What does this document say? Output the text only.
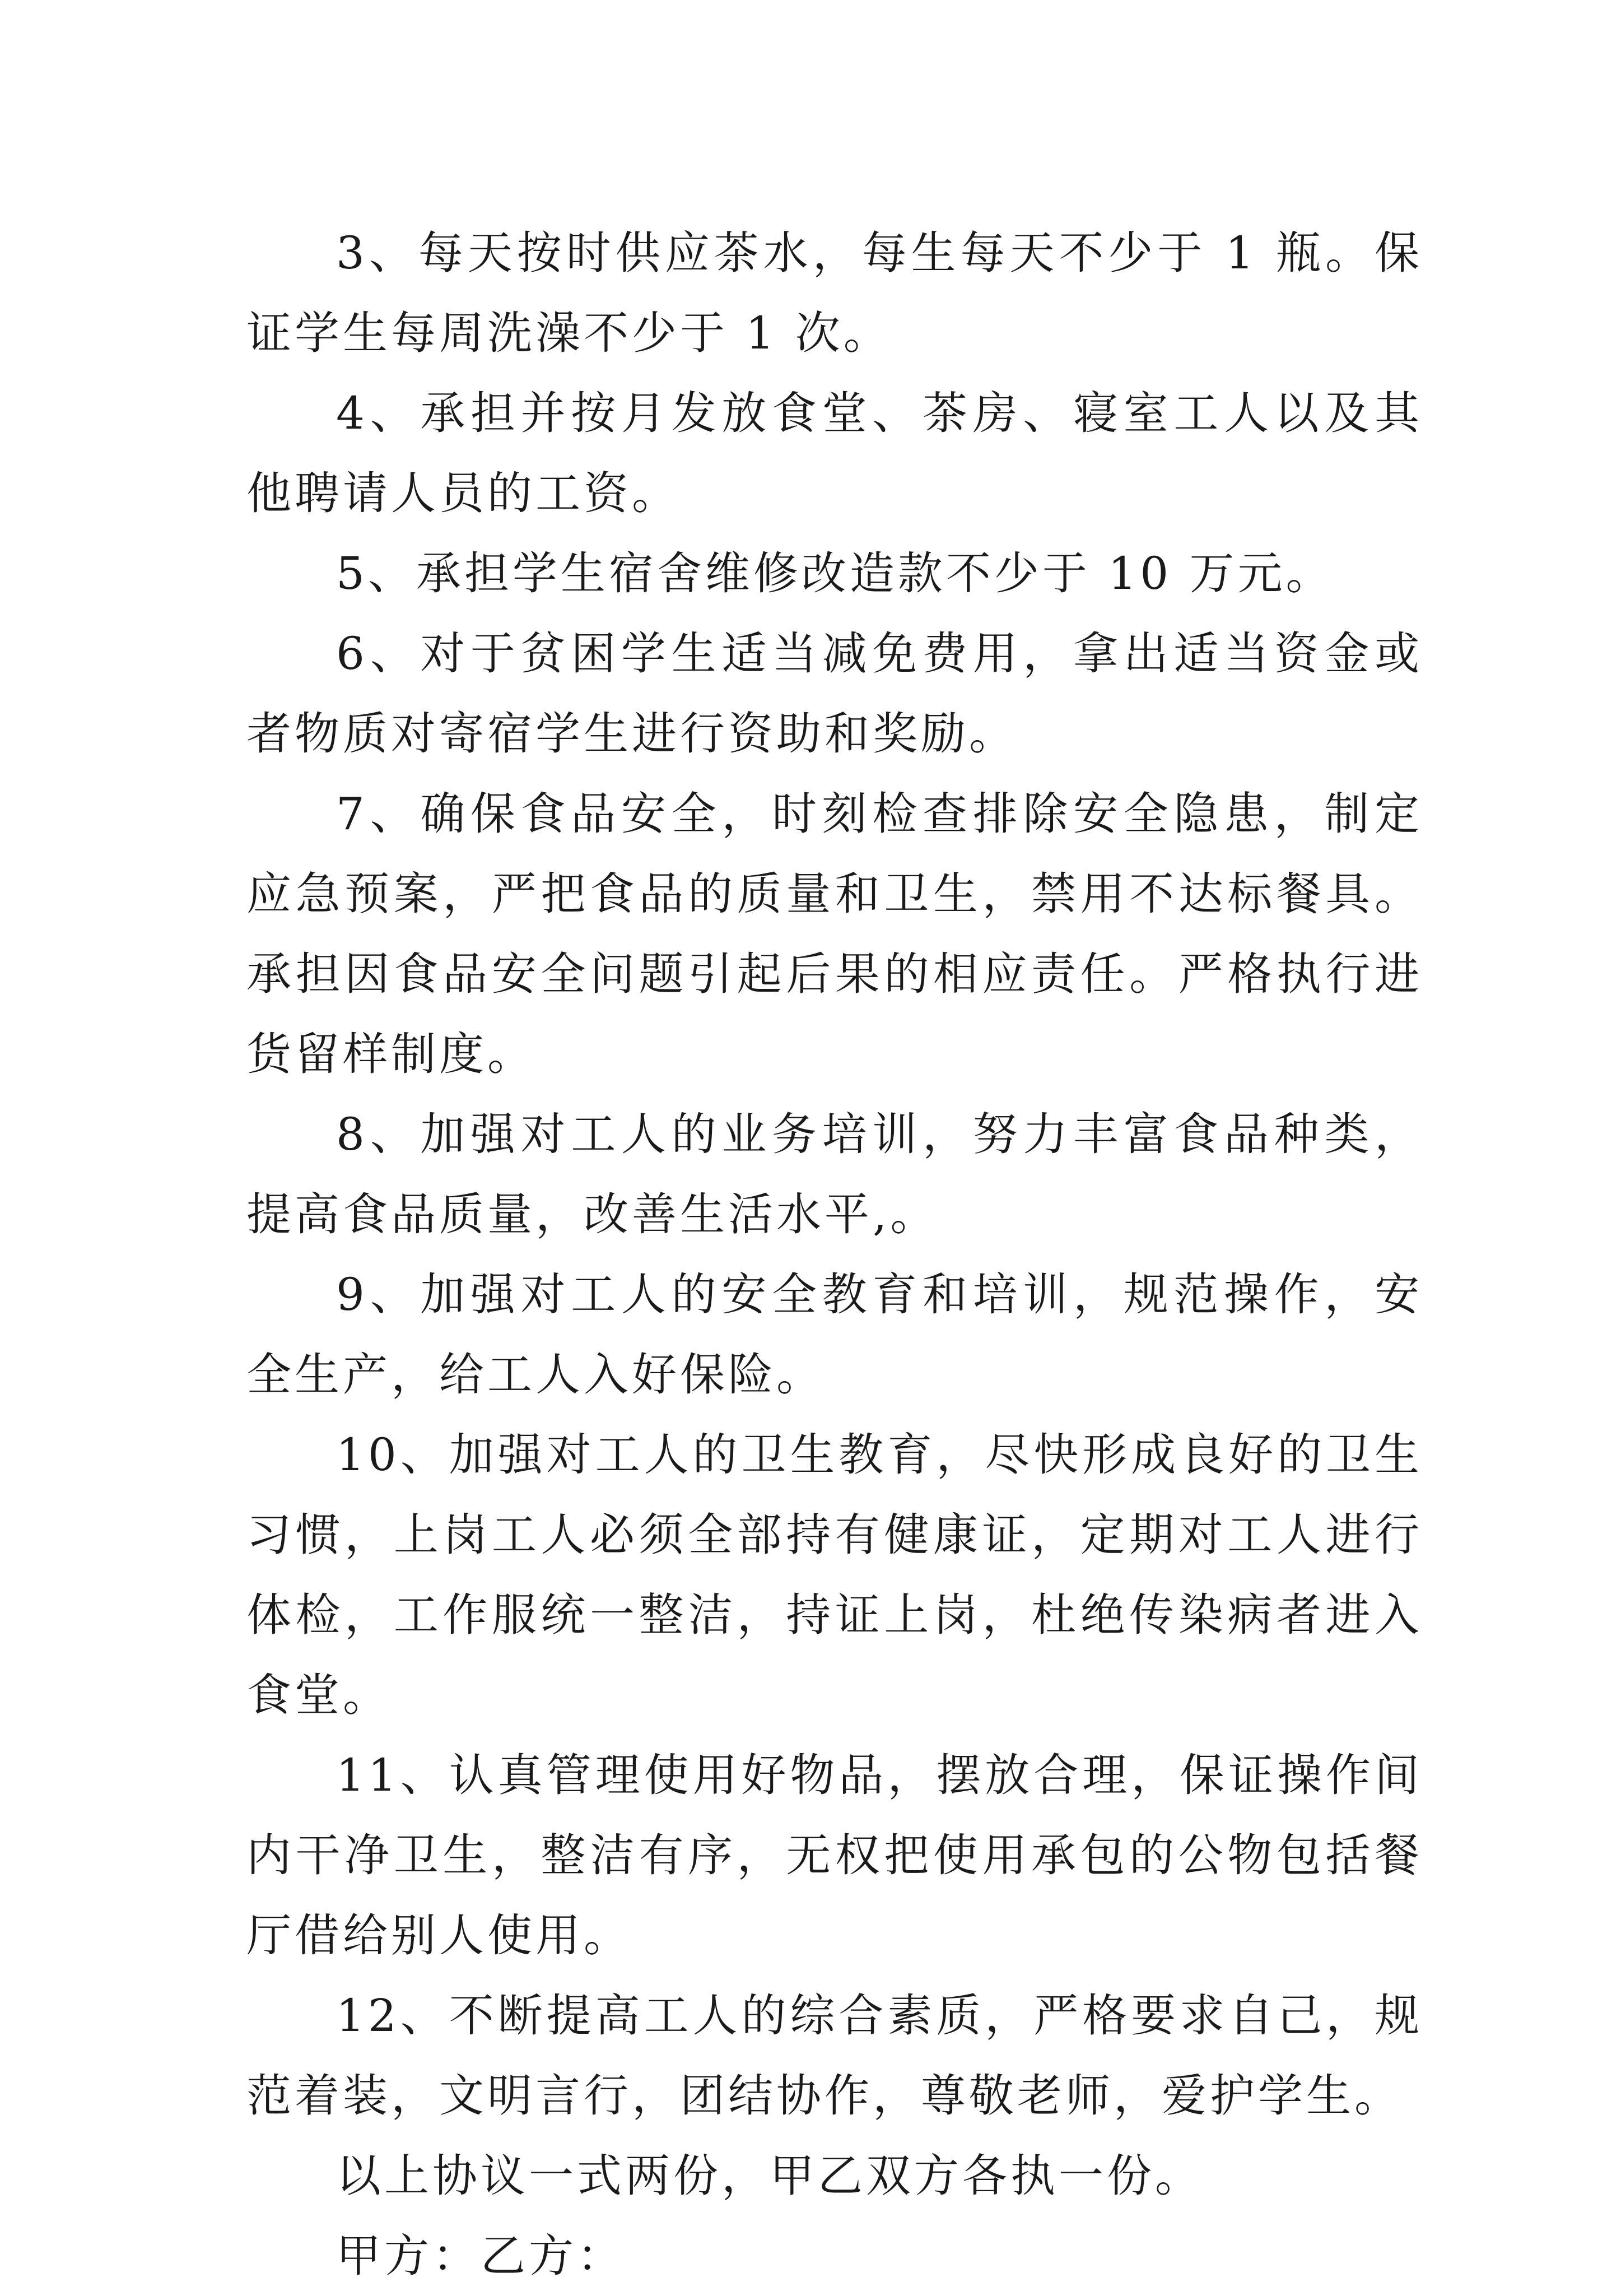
3、每天按时供应茶水，每生每天不少于 1 瓶。保证学生每周洗澡不少于 1 次。

4、承担并按月发放食堂、茶房、寝室工人以及其他聘请人员的工资。

5、承担学生宿舍维修改造款不少于 10 万元。

6、对于贫困学生适当减免费用，拿出适当资金或者物质对寄宿学生进行资助和奖励。

7、确保食品安全，时刻检查排除安全隐患，制定应急预案，严把食品的质量和卫生，禁用不达标餐具。承担因食品安全问题引起后果的相应责任。严格执行进货留样制度。

8、加强对工人的业务培训，努力丰富食品种类，提高食品质量，改善生活水平,。

9、加强对工人的安全教育和培训，规范操作，安全生产，给工人入好保险。

10、加强对工人的卫生教育，尽快形成良好的卫生习惯，上岗工人必须全部持有健康证，定期对工人进行体检，工作服统一整洁，持证上岗，杜绝传染病者进入食堂。

11、认真管理使用好物品，摆放合理，保证操作间内干净卫生，整洁有序，无权把使用承包的公物包括餐厅借给别人使用。

12、不断提高工人的综合素质，严格要求自己，规范着装，文明言行，团结协作，尊敬老师，爱护学生。

以上协议一式两份，甲乙双方各执一份。

甲方：乙方：
